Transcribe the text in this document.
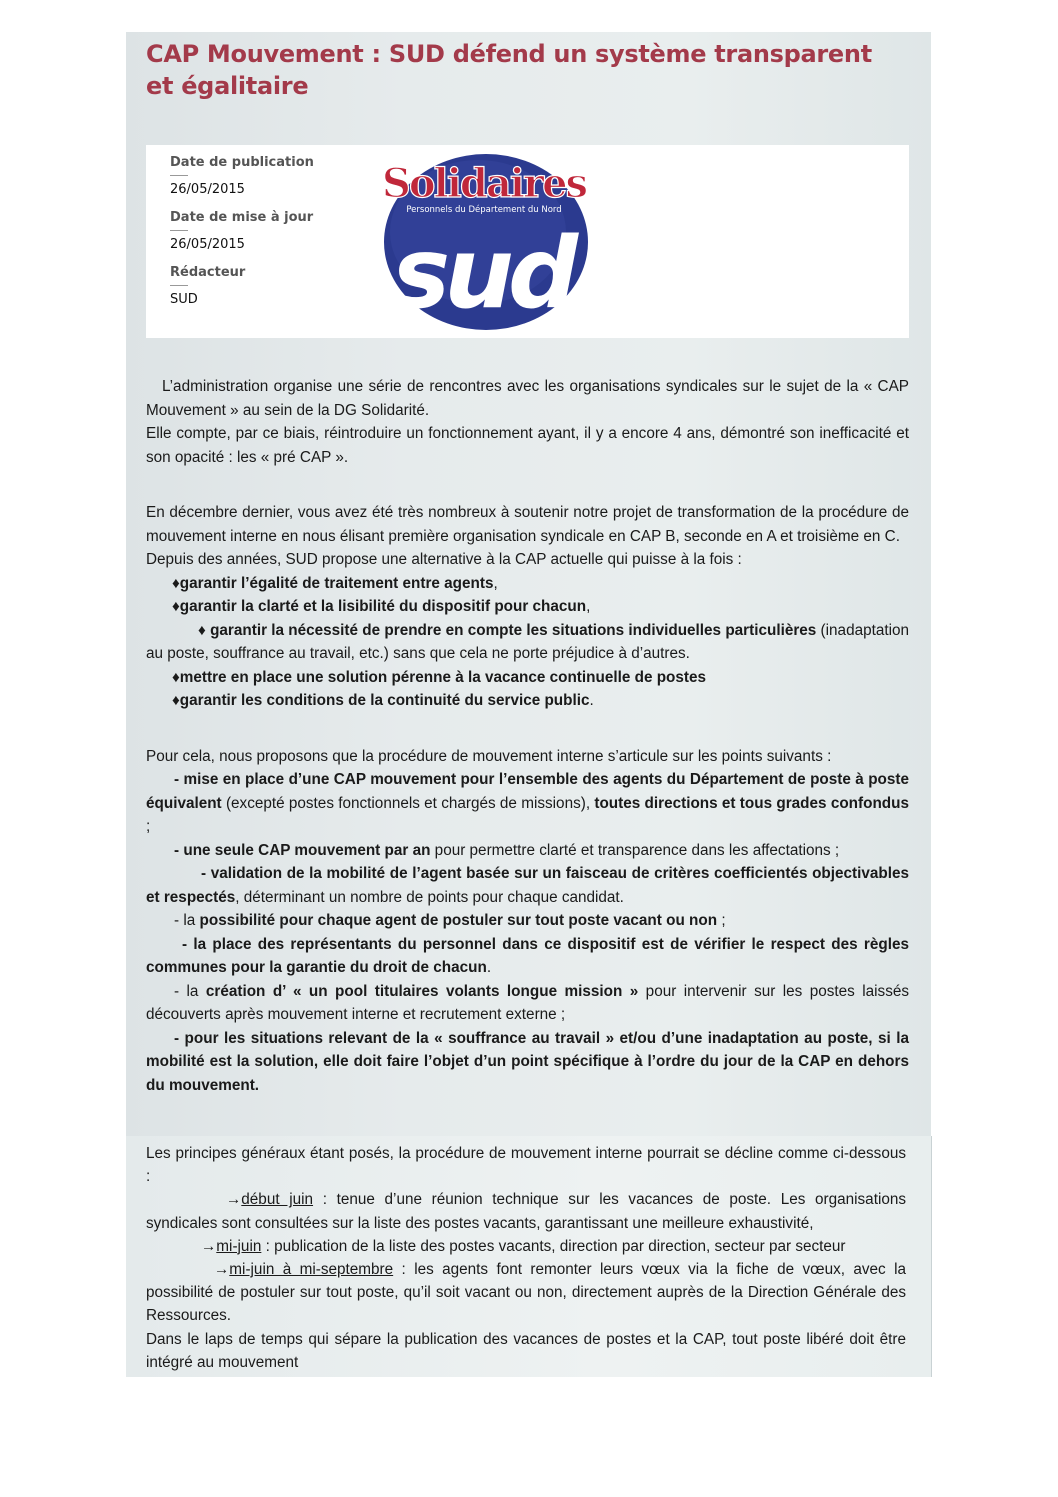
CAP Mouvement : SUD défend un système transparent et égalitaire
Date de publication
26/05/2015
Date de mise à jour
26/05/2015
Rédacteur
SUD
Solidaires
Personnels du Département du Nord
sud

L’administration organise une série de rencontres avec les organisations syndicales sur le sujet de la « CAP Mouvement » au sein de la DG Solidarité.

Elle compte, par ce biais, réintroduire un fonctionnement ayant, il y a encore 4 ans, démontré son inefficacité et son opacité : les « pré CAP ».

En décembre dernier, vous avez été très nombreux à soutenir notre projet de transformation de la procédure de mouvement interne en nous élisant première organisation syndicale en CAP B, seconde en A et troisième en C.

Depuis des années, SUD propose une alternative à la CAP actuelle qui puisse à la fois :

♦garantir l’égalité de traitement entre agents,

♦garantir la clarté et la lisibilité du dispositif pour chacun,

♦ garantir la nécessité de prendre en compte les situations individuelles particulières (inadaptation au poste, souffrance au travail, etc.) sans que cela ne porte préjudice à d’autres.

♦mettre en place une solution pérenne à la vacance continuelle de postes

♦garantir les conditions de la continuité du service public.

Pour cela, nous proposons que la procédure de mouvement interne s’articule sur les points suivants :

- mise en place d’une CAP mouvement pour l’ensemble des agents du Département de poste à poste équivalent (excepté postes fonctionnels et chargés de missions), toutes directions et tous grades confondus ;

- une seule CAP mouvement par an pour permettre clarté et transparence dans les affectations ;

- validation de la mobilité de l’agent basée sur un faisceau de critères coefficientés objectivables et respectés, déterminant un nombre de points pour chaque candidat.

- la possibilité pour chaque agent de postuler sur tout poste vacant ou non ;

- la place des représentants du personnel dans ce dispositif est de vérifier le respect des règles communes pour la garantie du droit de chacun.

- la création d’ « un pool titulaires volants longue mission » pour intervenir sur les postes laissés découverts après mouvement interne et recrutement externe ;

- pour les situations relevant de la « souffrance au travail » et/ou d’une inadaptation au poste, si la mobilité est la solution, elle doit faire l’objet d’un point spécifique à l’ordre du jour de la CAP en dehors du mouvement.

Les principes généraux étant posés, la procédure de mouvement interne pourrait se décline comme ci-dessous :

→début juin : tenue d’une réunion technique sur les vacances de poste. Les organisations syndicales sont consultées sur la liste des postes vacants, garantissant une meilleure exhaustivité,

→mi-juin : publication de la liste des postes vacants, direction par direction, secteur par secteur

→mi-juin à mi-septembre : les agents font remonter leurs vœux via la fiche de vœux, avec la possibilité de postuler sur tout poste, qu’il soit vacant ou non, directement auprès de la Direction Générale des Ressources.

Dans le laps de temps qui sépare la publication des vacances de postes et la CAP, tout poste libéré doit être intégré au mouvement
